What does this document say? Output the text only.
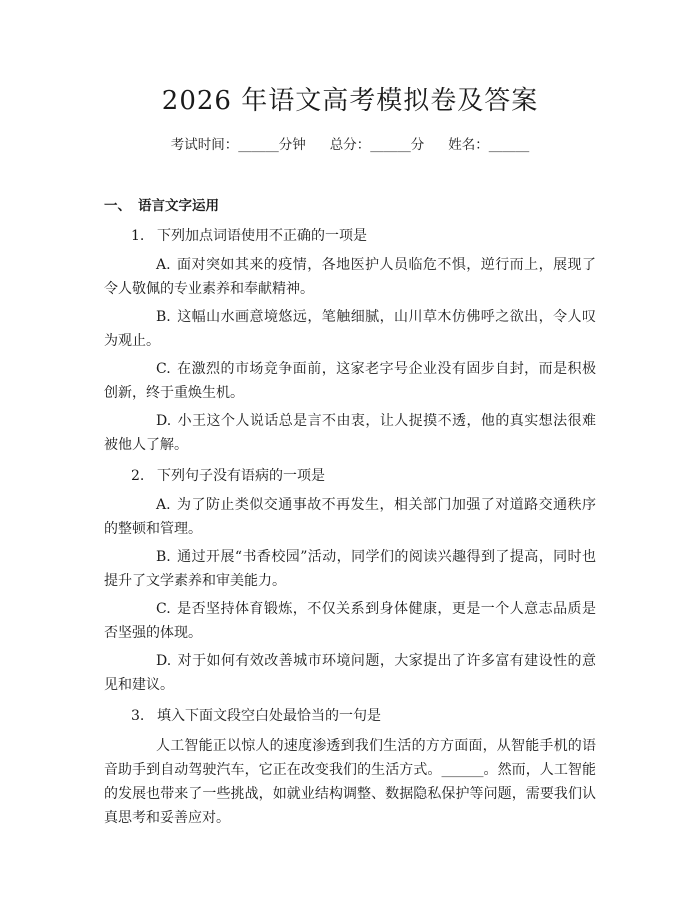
2026 年语文高考模拟卷及答案
考试时间：______分钟 总分：______分 姓名：______
一、 语言文字运用
1. 下列加点词语使用不正确的一项是
A. 面对突如其来的疫情，各地医护人员临危不惧，逆行而上，展现了令人敬佩的专业素养和奉献精神。
B. 这幅山水画意境悠远，笔触细腻，山川草木仿佛呼之欲出，令人叹为观止。
C. 在激烈的市场竞争面前，这家老字号企业没有固步自封，而是积极创新，终于重焕生机。
D. 小王这个人说话总是言不由衷，让人捉摸不透，他的真实想法很难被他人了解。
2. 下列句子没有语病的一项是
A. 为了防止类似交通事故不再发生，相关部门加强了对道路交通秩序的整顿和管理。
B. 通过开展“书香校园”活动，同学们的阅读兴趣得到了提高，同时也提升了文学素养和审美能力。
C. 是否坚持体育锻炼，不仅关系到身体健康，更是一个人意志品质是否坚强的体现。
D. 对于如何有效改善城市环境问题，大家提出了许多富有建设性的意见和建议。
3. 填入下面文段空白处最恰当的一句是
人工智能正以惊人的速度渗透到我们生活的方方面面，从智能手机的语音助手到自动驾驶汽车，它正在改变我们的生活方式。______。然而，人工智能的发展也带来了一些挑战，如就业结构调整、数据隐私保护等问题，需要我们认真思考和妥善应对。
